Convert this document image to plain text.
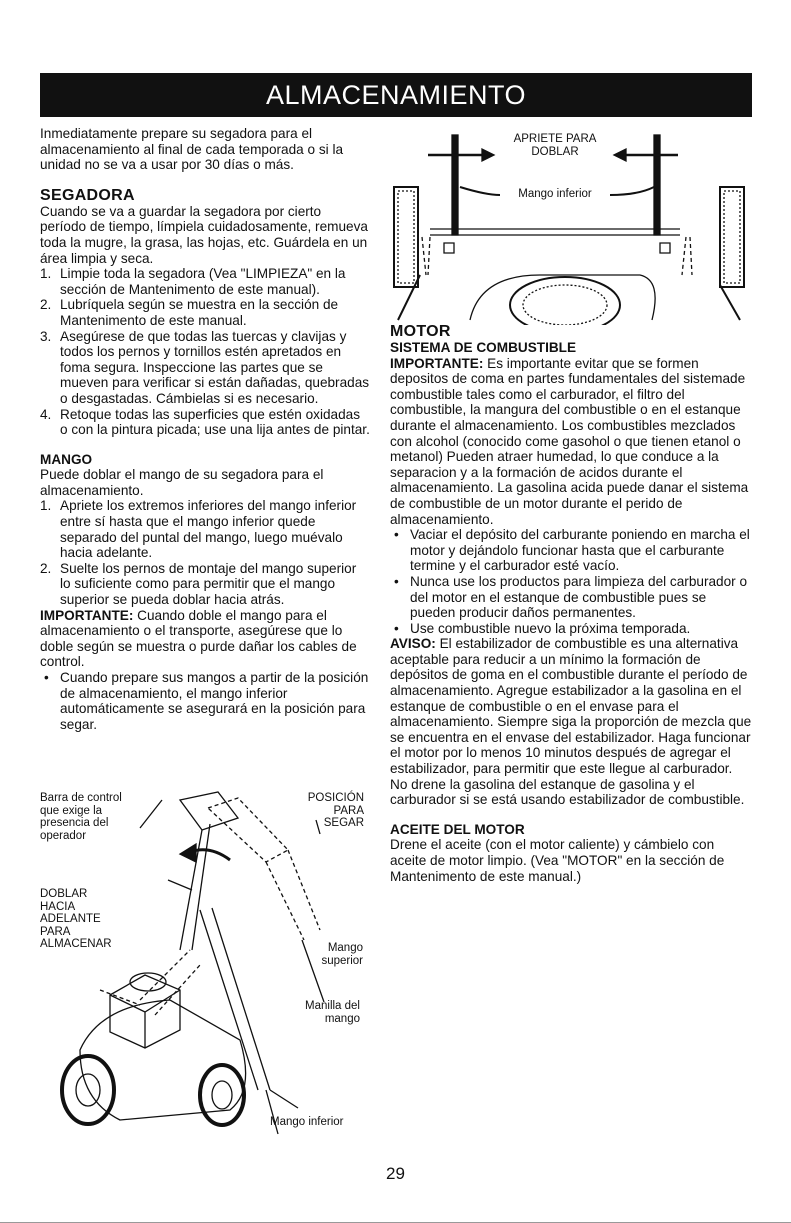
ALMACENAMIENTO

Inmediatamente prepare su segadora para el almacenamiento al final de cada temporada o si la unidad no se va a usar por 30 días o más.

SEGADORA

Cuando se va a guardar la segadora por cierto período de tiempo, límpiela cuidadosamente, remueva toda la mugre, la grasa, las hojas, etc. Guárdela en un área limpia y seca.

1. Limpie toda la segadora (Vea "LIMPIEZA" en la sección de Mantenimento de este manual).
2. Lubríquela según se muestra en la sección de Mantenimento de este manual.
3. Asegúrese de que todas las tuercas y clavijas y todos los pernos y tornillos estén apretados en foma segura. Inspeccione las partes que se mueven para verificar si están dañadas, quebradas o desgastadas. Cámbielas si es necesario.
4. Retoque todas las superficies que estén oxidadas o con la pintura picada; use una lija antes de pintar.

MANGO

Puede doblar el mango de su segadora para el almacenamiento.

1. Apriete los extremos inferiores del mango inferior entre sí hasta que el mango inferior quede separado del puntal del mango, luego muévalo hacia adelante.
2. Suelte los pernos de montaje del mango superior lo suficiente como para permitir que el mango superior se pueda doblar hacia atrás.

IMPORTANTE: Cuando doble el mango para el almacenamiento o el transporte, asegúrese que lo doble según se muestra o purde dañar los cables de control.

• Cuando prepare sus mangos a partir de la posición de almacenamiento, el mango inferior automáticamente se asegurará en la posición para segar.
Barra de control que exige la presencia del operador
POSICIÓN PARA SEGAR
DOBLAR HACIA ADELANTE PARA ALMACENAR	Mango superior
Manilla del mango
Mango inferior
APRIETE PARA DOBLAR
Mango inferior

MOTOR

SISTEMA DE COMBUSTIBLE

IMPORTANTE: Es importante evitar que se formen depositos de coma en partes fundamentales del sistemade combustible tales como el carburador, el filtro del combustible, la mangura del combustible o en el estanque durante el almacenamiento. Los combustibles mezclados con alcohol (conocido come gasohol o que tienen etanol o metanol) Pueden atraer humedad, lo que conduce a la separacion y a la formación de acidos durante el almacenamiento. La gasolina acida puede danar el sistema de combustible de un motor durante el perido de almacenamiento.

• Vaciar el depósito del carburante poniendo en marcha el motor y dejándolo funcionar hasta que el carburante termine y el carburador esté vacío.
• Nunca use los productos para limpieza del carburador o del motor en el estanque de combustible pues se pueden producir daños permanentes.
• Use combustible nuevo la próxima temporada.

AVISO: El estabilizador de combustible es una alternativa aceptable para reducir a un mínimo la formación de depósitos de goma en el combustible durante el período de almacenamiento. Agregue estabilizador a la gasolina en el estanque de combustible o en el envase para el almacenamiento. Siempre siga la proporción de mezcla que se encuentra en el envase del estabilizador. Haga funcionar el motor por lo menos 10 minutos después de agregar el estabilizador, para permitir que este llegue al carburador. No drene la gasolina del estanque de gasolina y el carburador si se está usando estabilizador de combustible.

ACEITE DEL MOTOR

Drene el aceite (con el motor caliente) y cámbielo con aceite de motor limpio. (Vea "MOTOR" en la sección de Mantenimento de este manual.)

29
